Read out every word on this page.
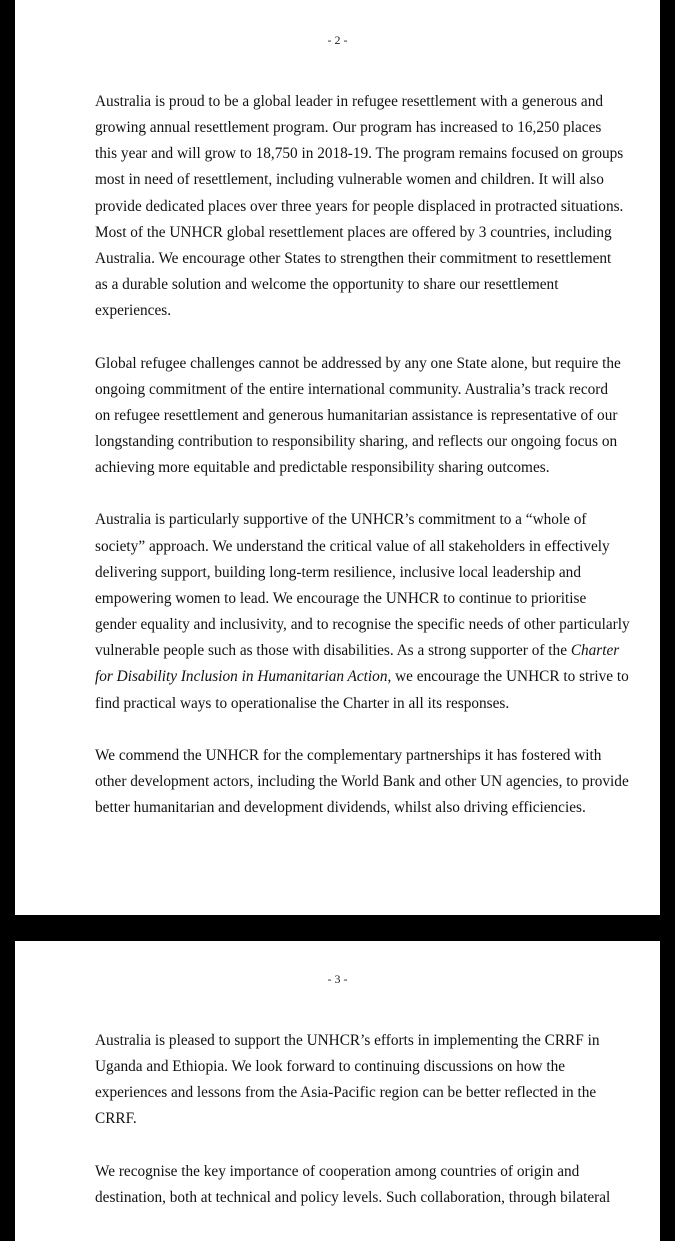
- 2 -

Australia is proud to be a global leader in refugee resettlement with a generous and
growing annual resettlement program. Our program has increased to 16,250 places
this year and will grow to 18,750 in 2018-19. The program remains focused on groups
most in need of resettlement, including vulnerable women and children. It will also
provide dedicated places over three years for people displaced in protracted situations.
Most of the UNHCR global resettlement places are offered by 3 countries, including
Australia. We encourage other States to strengthen their commitment to resettlement
as a durable solution and welcome the opportunity to share our resettlement
experiences.

Global refugee challenges cannot be addressed by any one State alone, but require the
ongoing commitment of the entire international community. Australia’s track record
on refugee resettlement and generous humanitarian assistance is representative of our
longstanding contribution to responsibility sharing, and reflects our ongoing focus on
achieving more equitable and predictable responsibility sharing outcomes.

Australia is particularly supportive of the UNHCR’s commitment to a “whole of
society” approach. We understand the critical value of all stakeholders in effectively
delivering support, building long-term resilience, inclusive local leadership and
empowering women to lead. We encourage the UNHCR to continue to prioritise
gender equality and inclusivity, and to recognise the specific needs of other particularly
vulnerable people such as those with disabilities. As a strong supporter of the Charter
for Disability Inclusion in Humanitarian Action, we encourage the UNHCR to strive to
find practical ways to operationalise the Charter in all its responses.

We commend the UNHCR for the complementary partnerships it has fostered with
other development actors, including the World Bank and other UN agencies, to provide
better humanitarian and development dividends, whilst also driving efficiencies.

- 3 -

Australia is pleased to support the UNHCR’s efforts in implementing the CRRF in
Uganda and Ethiopia. We look forward to continuing discussions on how the
experiences and lessons from the Asia-Pacific region can be better reflected in the
CRRF.

We recognise the key importance of cooperation among countries of origin and
destination, both at technical and policy levels. Such collaboration, through bilateral
